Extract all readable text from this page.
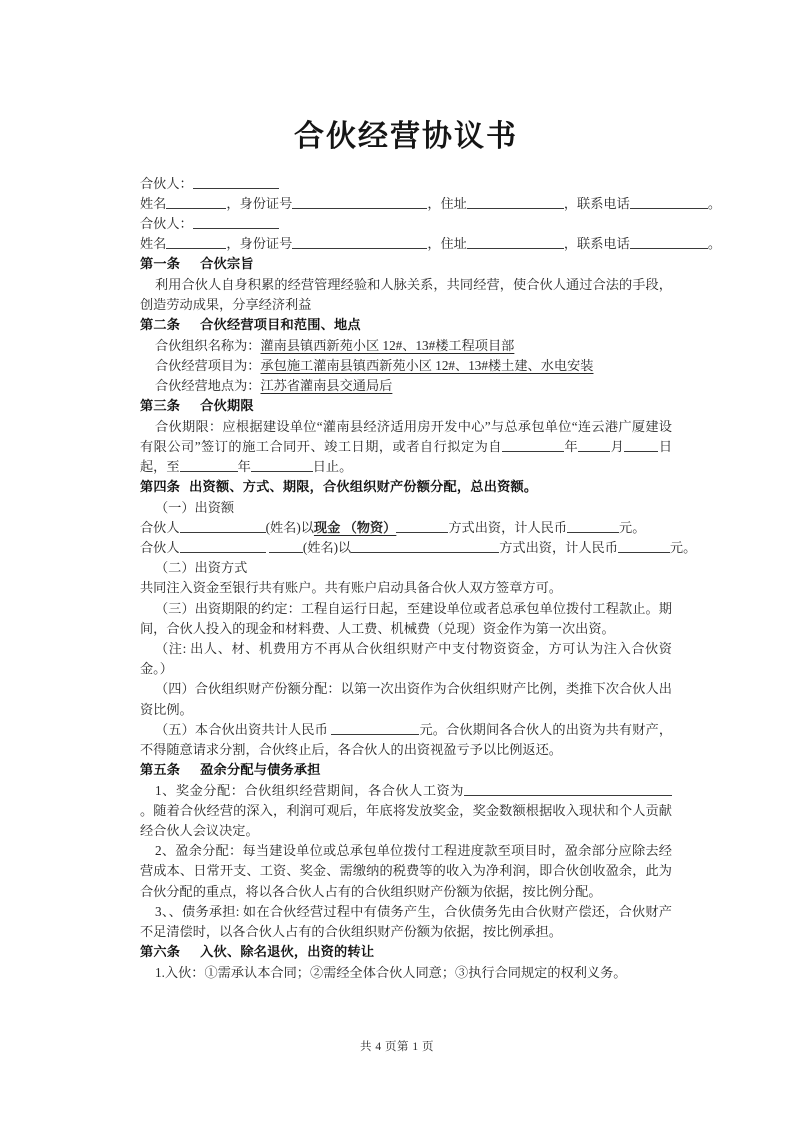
合伙经营协议书

合伙人：

姓名	，身份证号	，住址	，联系电话	。

合伙人：

姓名	，身份证号	，住址	，联系电话	。

第一条 合伙宗旨

利用合伙人自身积累的经营管理经验和人脉关系，共同经营，使合伙人通过合法的手段，创造劳动成果，分享经济利益

第二条 合伙经营项目和范围、地点

合伙组织名称为：灌南县镇西新苑小区 12#、13#楼工程项目部

合伙经营项目为：承包施工灌南县镇西新苑小区 12#、13#楼土建、水电安装

合伙经营地点为：江苏省灌南县交通局后

第三条 合伙期限

合伙期限：应根据建设单位“灌南县经济适用房开发中心”与总承包单位“连云港广厦建设有限公司”签订的施工合同开、竣工日期，或者自行拟定为自	年 月	日起，至	年	日止。

第四条 出资额、方式、期限，合伙组织财产份额分配，总出资额。

（一）出资额

合伙人	(姓名)以现金 （物资）	方式出资，计人民币	元。

合伙人	(姓名)以	方式出资，计人民币	元。

（二）出资方式

共同注入资金至银行共有账户。共有账户启动具备合伙人双方签章方可。

（三）出资期限的约定：工程自运行日起，至建设单位或者总承包单位拨付工程款止。期间，合伙人投入的现金和材料费、人工费、机械费（兑现）资金作为第一次出资。

（注: 出人、材、机费用方不再从合伙组织财产中支付物资资金，方可认为注入合伙资金。）

（四）合伙组织财产份额分配：以第一次出资作为合伙组织财产比例，类推下次合伙人出资比例。

（五）本合伙出资共计人民币	元。合伙期间各合伙人的出资为共有财产，不得随意请求分割，合伙终止后，各合伙人的出资视盈亏予以比例返还。

第五条 盈余分配与债务承担

1、奖金分配：合伙组织经营期间，各合伙人工资为。随着合伙经营的深入，利润可观后，年底将发放奖金，奖金数额根据收入现状和个人贡献经合伙人会议决定。

2、盈余分配：每当建设单位或总承包单位拨付工程进度款至项目时，盈余部分应除去经营成本、日常开支、工资、奖金、需缴纳的税费等的收入为净利润，即合伙创收盈余，此为合伙分配的重点，将以各合伙人占有的合伙组织财产份额为依据，按比例分配。

3、、债务承担: 如在合伙经营过程中有债务产生，合伙债务先由合伙财产偿还，合伙财产不足清偿时，以各合伙人占有的合伙组织财产份额为依据，按比例承担。

第六条 入伙、除名退伙，出资的转让

1.入伙：①需承认本合同；②需经全体合伙人同意；③执行合同规定的权利义务。

共 4 页第 1 页
